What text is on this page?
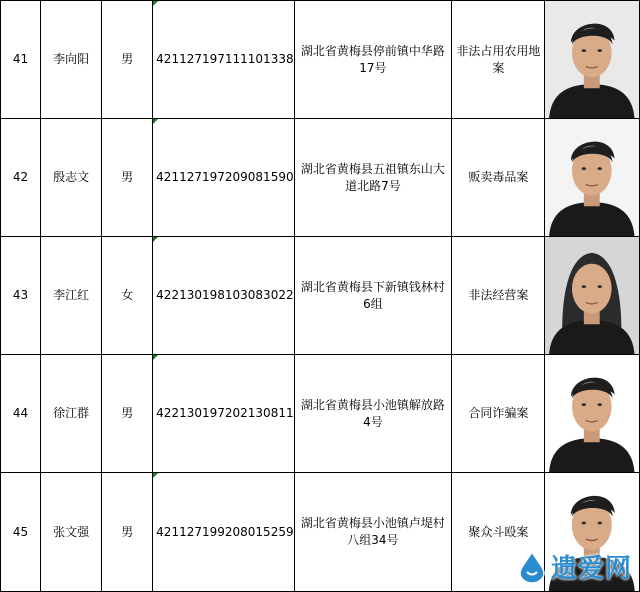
41	李向阳	男	421127197111101338	湖北省黄梅县停前镇中华路17号	非法占用农用地案	

42	殷志文	男	421127197209081590	湖北省黄梅县五祖镇东山大道北路7号	贩卖毒品案	

43	李江红	女	422130198103083022	湖北省黄梅县下新镇钱林村6组	非法经营案	

44	徐江群	男	422130197202130811	湖北省黄梅县小池镇解放路4号	合同诈骗案	

45	张文强	男	421127199208015259	湖北省黄梅县小池镇卢堤村八组34号	聚众斗殴案	
遗爱网
